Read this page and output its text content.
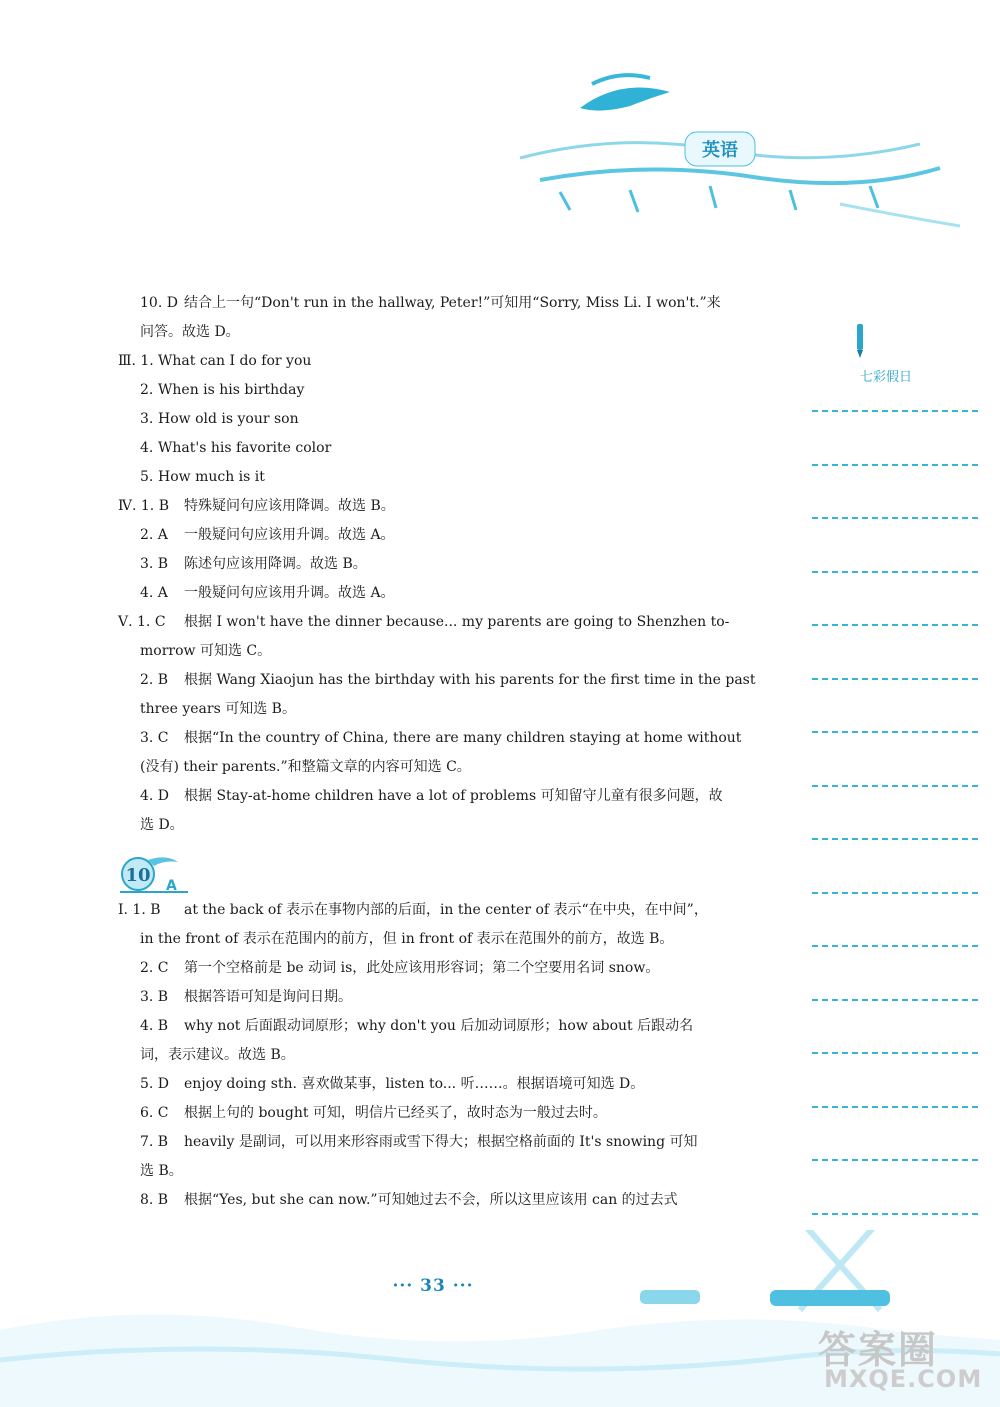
英语
七彩假日
10. D 结合上一句“Don't run in the hallway, Peter!”可知用“Sorry, Miss Li. I won't.”来
问答。故选 D。
Ⅲ. 1. What can I do for you
2. When is his birthday
3. How old is your son
4. What's his favorite color
5. How much is it
Ⅳ. 1. B 特殊疑问句应该用降调。故选 B。
2. A 一般疑问句应该用升调。故选 A。
3. B 陈述句应该用降调。故选 B。
4. A 一般疑问句应该用升调。故选 A。
Ⅴ. 1. C 根据 I won't have the dinner because... my parents are going to Shenzhen to-
morrow 可知选 C。
2. B 根据 Wang Xiaojun has the birthday with his parents for the first time in the past
three years 可知选 B。
3. C 根据“In the country of China, there are many children staying at home without
(没有) their parents.”和整篇文章的内容可知选 C。
4. D 根据 Stay-at-home children have a lot of problems 可知留守儿童有很多问题，故
选 D。
Ⅰ. 1. B at the back of 表示在事物内部的后面，in the center of 表示“在中央，在中间”，
in the front of 表示在范围内的前方，但 in front of 表示在范围外的前方，故选 B。
2. C 第一个空格前是 be 动词 is，此处应该用形容词；第二个空要用名词 snow。
3. B 根据答语可知是询问日期。
4. B why not 后面跟动词原形；why don't you 后加动词原形；how about 后跟动名
词，表示建议。故选 B。
5. D enjoy doing sth. 喜欢做某事，listen to... 听……。根据语境可知选 D。
6. C 根据上句的 bought 可知，明信片已经买了，故时态为一般过去时。
7. B heavily 是副词，可以用来形容雨或雪下得大；根据空格前面的 It's snowing 可知
选 B。
8. B 根据“Yes, but she can now.”可知她过去不会，所以这里应该用 can 的过去式
10 A
··· 33 ···
答案圈
MXQE.COM
